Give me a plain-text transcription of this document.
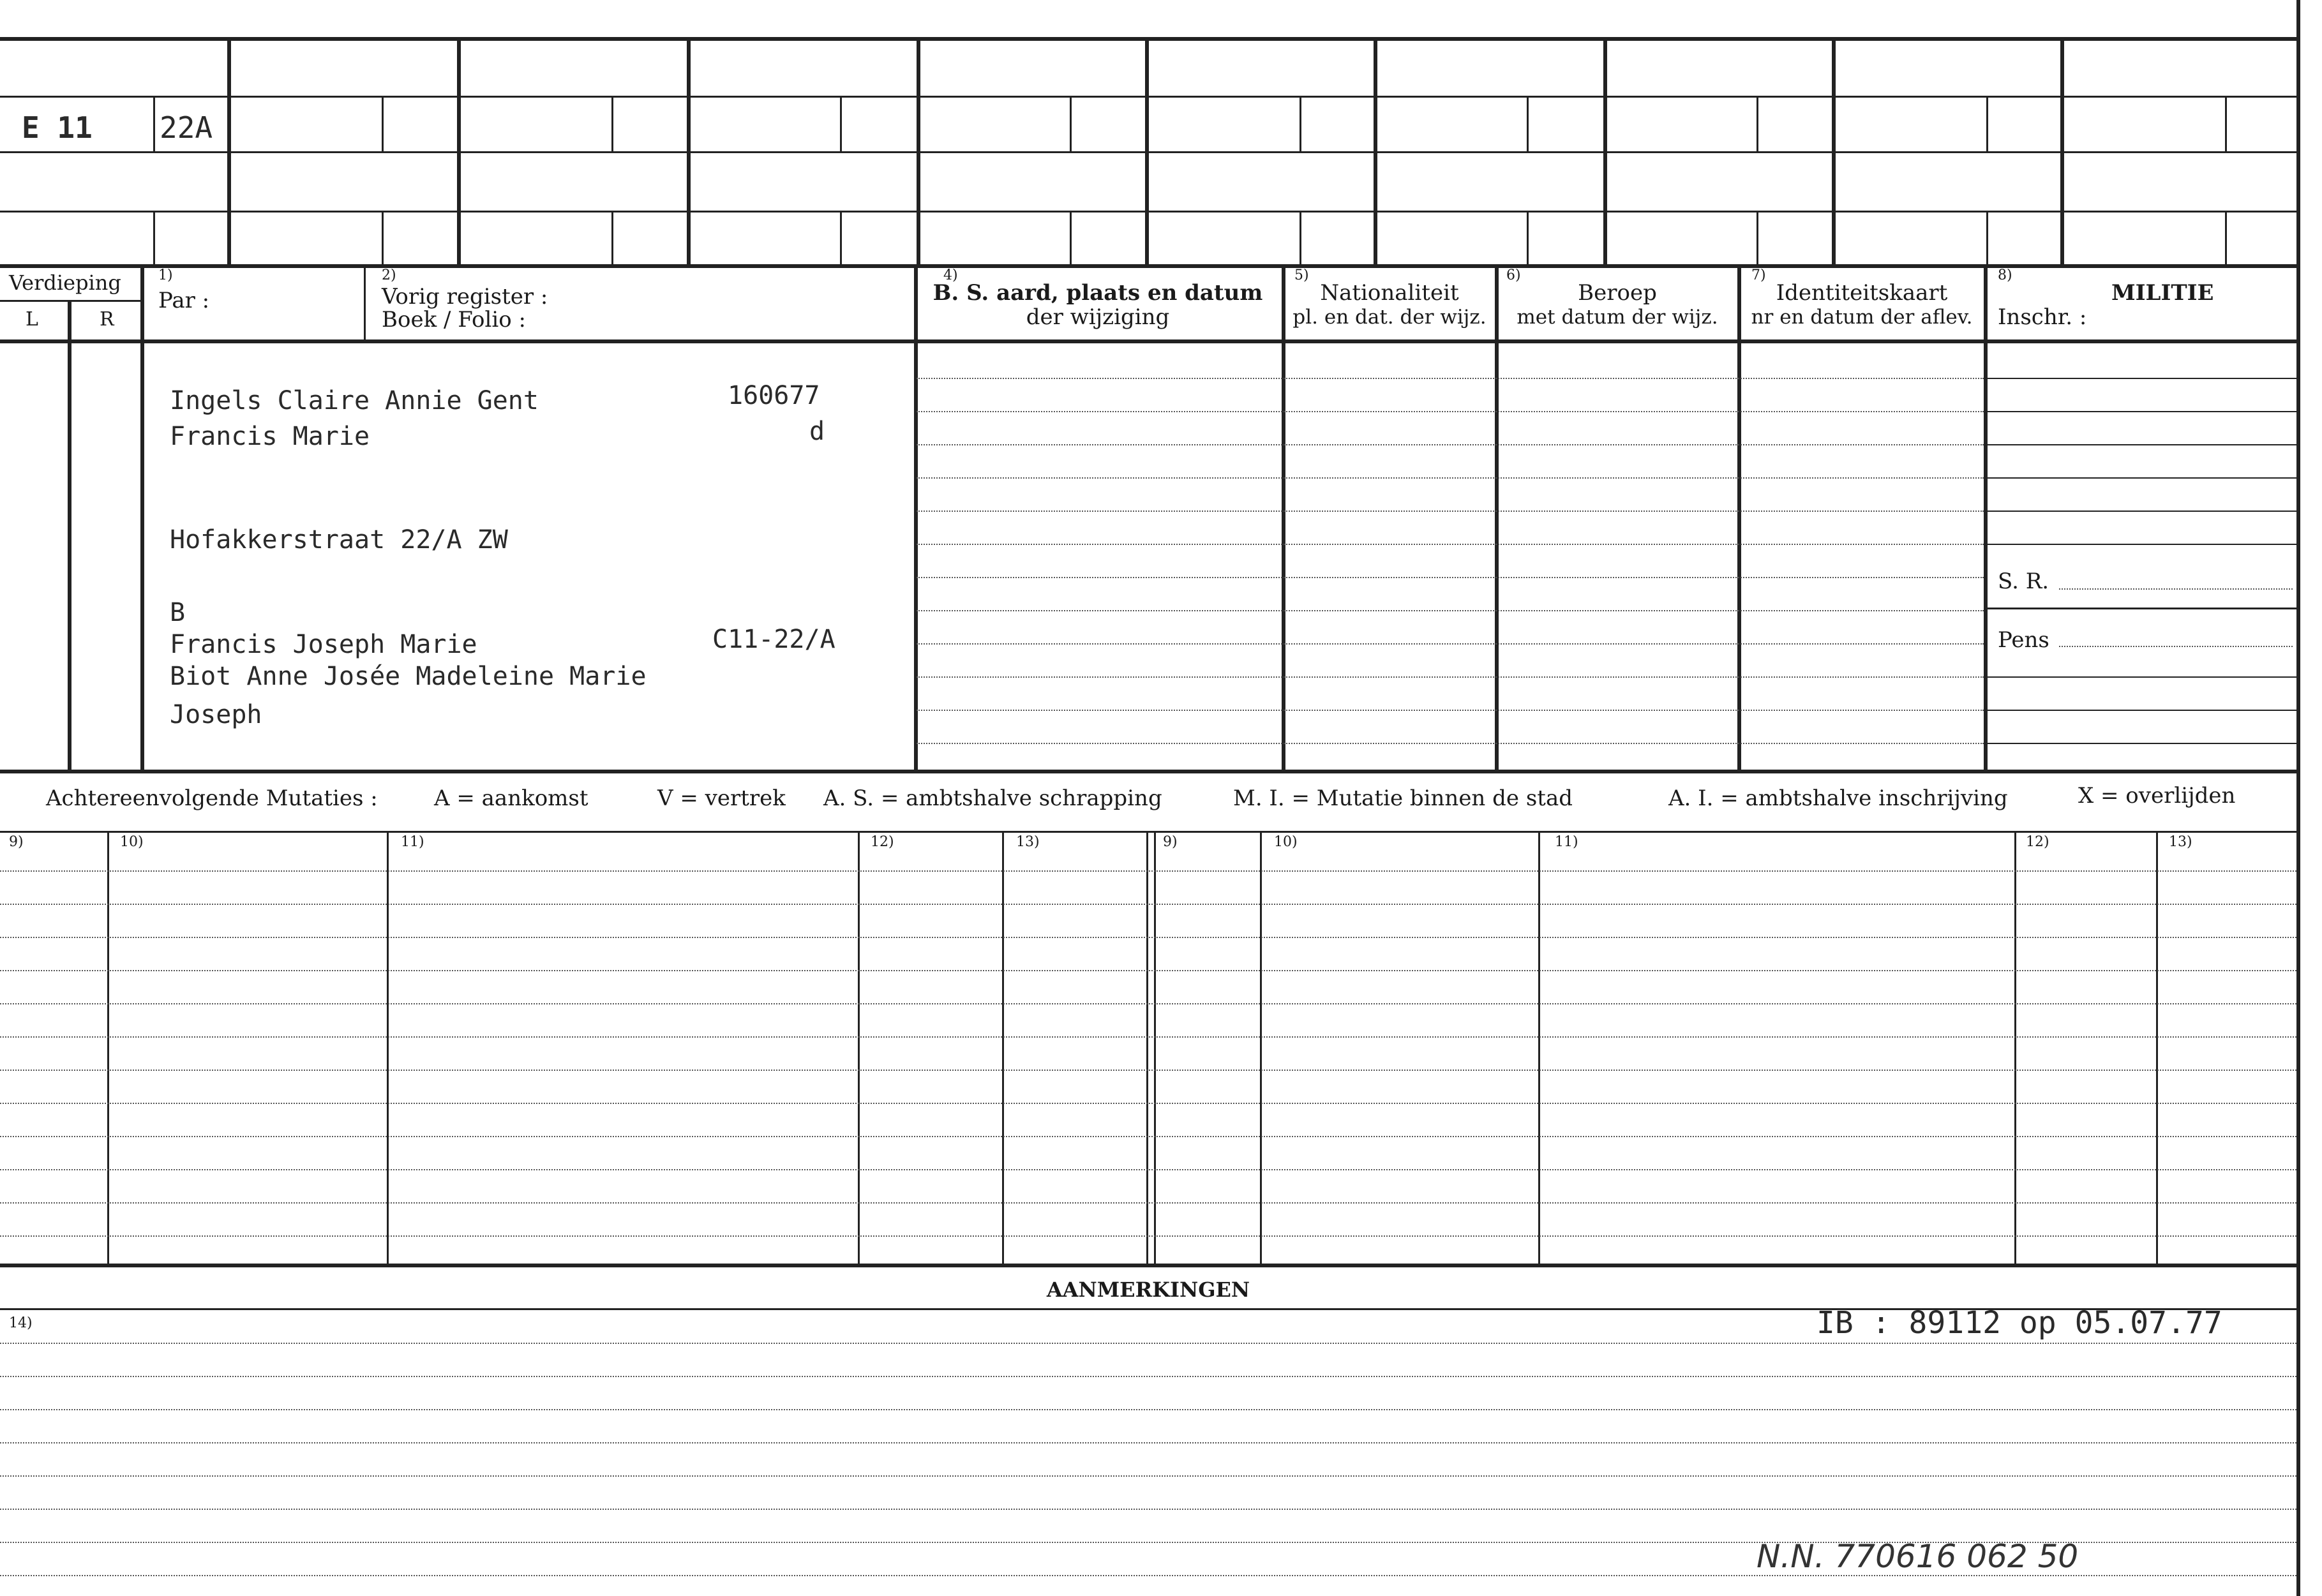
E 11 22A
Verdieping
L	R
1)
Par :
2)
Vorig register :
Boek / Folio :
4)
B. S. aard, plaats en datum
der wijziging
5)
Nationaliteit
pl. en dat. der wijz.
6)
Beroep
met datum der wijz.
7)
Identiteitskaart
nr en datum der aflev.
8)
MILITIE
Inschr. :
S. R.
Pens
Ingels Claire Annie Gent	160677
Francis Marie	d
Hofakkerstraat 22/A ZW
B
Francis Joseph Marie	C11-22/A
Biot Anne Josée Madeleine Marie
Joseph
Achtereenvolgende Mutaties :	A = aankomst	V = vertrek A. S. = ambtshalve schrapping	M. I. = Mutatie binnen de stad	A. I. = ambtshalve inschrijving	X = overlijden
9)	10)	11)	12)	13)	9)	10)	11)	12)	13)
AANMERKINGEN
14)	IB : 89112 op 05.07.77
N.N. 770616 062 50
